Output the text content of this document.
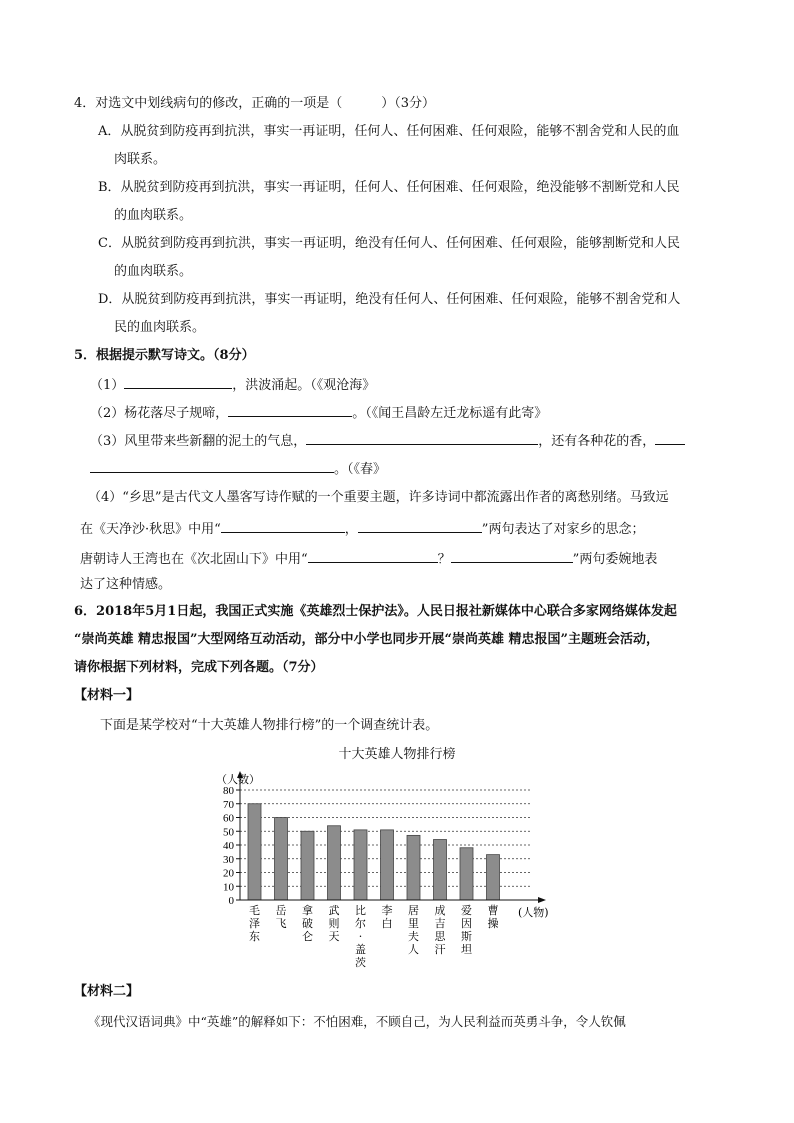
4．对选文中划线病句的修改，正确的一项是（　　　）（3分）
A．从脱贫到防疫再到抗洪，事实一再证明，任何人、任何困难、任何艰险，能够不割舍党和人民的血
肉联系。
B．从脱贫到防疫再到抗洪，事实一再证明，任何人、任何困难、任何艰险，绝没能够不割断党和人民
的血肉联系。
C．从脱贫到防疫再到抗洪，事实一再证明，绝没有任何人、任何困难、任何艰险，能够割断党和人民
的血肉联系。
D．从脱贫到防疫再到抗洪，事实一再证明，绝没有任何人、任何困难、任何艰险，能够不割舍党和人
民的血肉联系。
5．根据提示默写诗文。（8分）
（1）	，洪波涌起。（《观沧海》
（2）杨花落尽子规啼，	。（《闻王昌龄左迁龙标遥有此寄》
（3）风里带来些新翻的泥土的气息，	，还有各种花的香，
。（《春》
（4）“乡思”是古代文人墨客写诗作赋的一个重要主题，许多诗词中都流露出作者的离愁别绪。马致远
在《天净沙·秋思》中用“	，	”两句表达了对家乡的思念；
唐朝诗人王湾也在《次北固山下》中用“	？	”两句委婉地表
达了这种情感。
6．2018年5月1日起，我国正式实施《英雄烈士保护法》。人民日报社新媒体中心联合多家网络媒体发起
“崇尚英雄 精忠报国”大型网络互动活动，部分中小学也同步开展“崇尚英雄 精忠报国”主题班会活动，
请你根据下列材料，完成下列各题。（7分）
【材料一】
下面是某学校对“十大英雄人物排行榜”的一个调查统计表。
十大英雄人物排行榜
0
10
20
30
40
50
60
70
80
（人数）
(人物)
毛泽东
岳飞
拿破仑
武则天
比尔·盖茨
李白
居里夫人
成吉思汗
爱因斯坦
曹操
【材料二】
《现代汉语词典》中“英雄”的解释如下：不怕困难，不顾自己，为人民利益而英勇斗争，令人钦佩
